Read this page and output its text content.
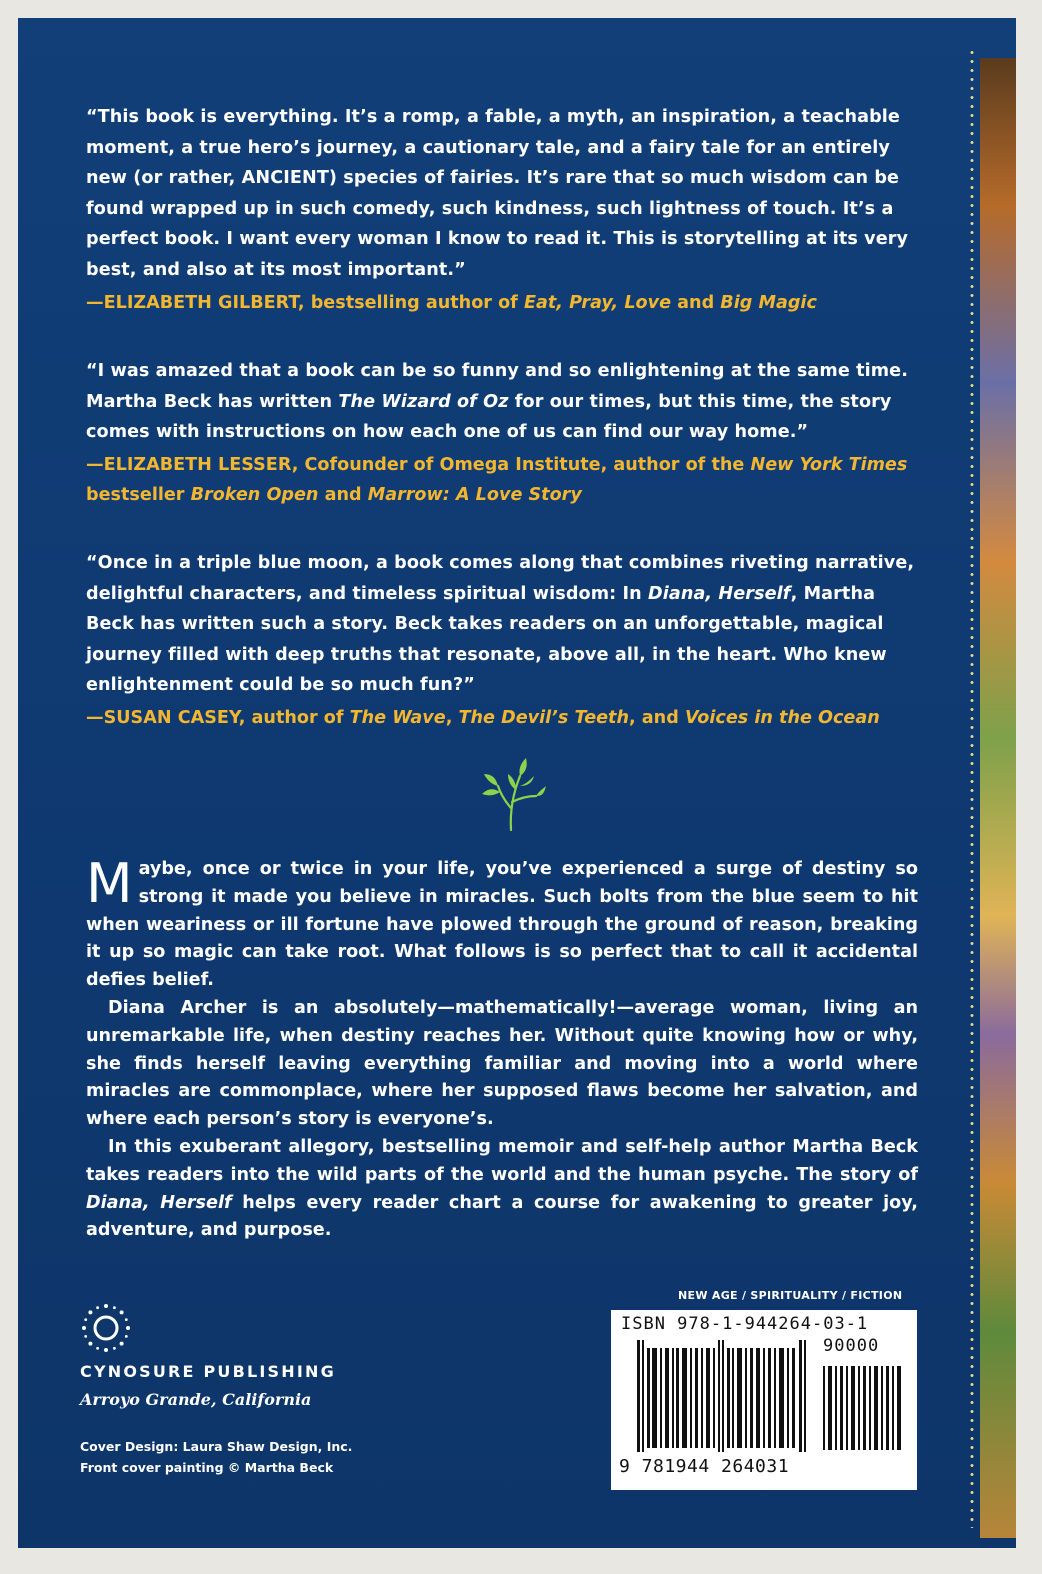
“This book is everything. It’s a romp, a fable, a myth, an inspiration, a teachable moment, a true hero’s journey, a cautionary tale, and a fairy tale for an entirely new (or rather, ANCIENT) species of fairies. It’s rare that so much wisdom can be found wrapped up in such comedy, such kindness, such lightness of touch. It’s a perfect book. I want every woman I know to read it. This is storytelling at its very best, and also at its most important.”

—ELIZABETH GILBERT, bestselling author of Eat, Pray, Love and Big Magic

“I was amazed that a book can be so funny and so enlightening at the same time. Martha Beck has written The Wizard of Oz for our times, but this time, the story comes with instructions on how each one of us can find our way home.”

—ELIZABETH LESSER, Cofounder of Omega Institute, author of the New York Times bestseller Broken Open and Marrow: A Love Story

“Once in a triple blue moon, a book comes along that combines riveting narrative, delightful characters, and timeless spiritual wisdom: In Diana, Herself, Martha Beck has written such a story. Beck takes readers on an unforgettable, magical journey filled with deep truths that resonate, above all, in the heart. Who knew enlightenment could be so much fun?”

—SUSAN CASEY, author of The Wave, The Devil’s Teeth, and Voices in the Ocean

Maybe, once or twice in your life, you’ve experienced a surge of destiny so strong it made you believe in miracles. Such bolts from the blue seem to hit when weariness or ill fortune have plowed through the ground of reason, breaking it up so magic can take root. What follows is so perfect that to call it accidental defies belief.

Diana Archer is an absolutely—mathematically!—average woman, living an unremarkable life, when destiny reaches her. Without quite knowing how or why, she finds herself leaving everything familiar and moving into a world where miracles are commonplace, where her supposed flaws become her salvation, and where each person’s story is everyone’s.

In this exuberant allegory, bestselling memoir and self-help author Martha Beck takes readers into the wild parts of the world and the human psyche. The story of Diana, Herself helps every reader chart a course for awakening to greater joy, adventure, and purpose.

NEW AGE / SPIRITUALITY / FICTION
ISBN 978-1-944264-03-1
90000
9 781944 264031
CYNOSURE PUBLISHING
Arroyo Grande, California
Cover Design: Laura Shaw Design, Inc.
Front cover painting © Martha Beck
